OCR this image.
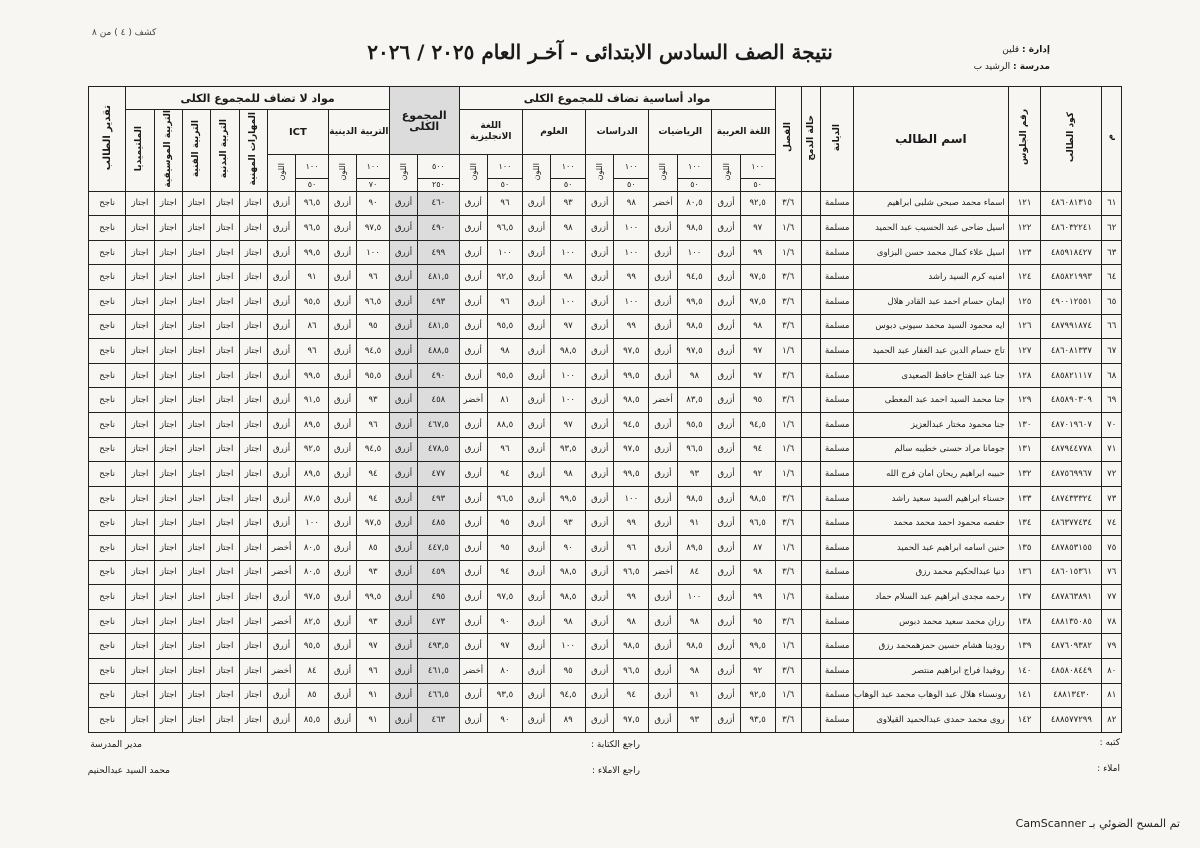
كشف ( ٤ ) من ٨
نتيجة الصف السادس الابتدائى - آخـر العام ٢٠٢٥ / ٢٠٢٦	إدارة : قلين
مدرسة : الرشيد ب
م	كود الطالب	رقم الجلوس	اسم الطالب	الديانة	حالة الدمج	الفصل	مواد أساسية تضاف للمجموع الكلى										المجموع الكلى		مواد لا تضاف للمجموع الكلى									تقدير الطالب
							اللغة العربية		الرياضيات		الدراسات		العلوم		اللغة الانجليزية				التربية الدينية		ICT		المهارات المهنية	التربية البدنية	التربية الفنية	التربية الموسيقية	الملتيميديا	
							١٠٠	اللون	١٠٠	اللون	١٠٠	اللون	١٠٠	اللون	١٠٠	اللون	٥٠٠	اللون	١٠٠	اللون	١٠٠	اللون						
							٥٠		٥٠		٥٠		٥٠		٥٠		٢٥٠		٧٠		٥٠							
٦١	٤٨٦٠٨١٣١٥	١٢١	اسماء محمد صبحى شلبى ابراهيم	مسلمة		٣/٦	٩٢,٥	أزرق	٨٠,٥	أخضر	٩٨	أزرق	٩٣	أزرق	٩٦	أزرق	٤٦٠	أزرق	٩٠	أزرق	٩٦,٥	أزرق	اجتاز	اجتاز	اجتاز	اجتاز	اجتاز	ناجح
٦٢	٤٨٦٠٣٢٢٤١	١٢٢	اسيل ضاحى عبد الحسيب عبد الحميد	مسلمة		١/٦	٩٧	أزرق	٩٨,٥	أزرق	١٠٠	أزرق	٩٨	أزرق	٩٦,٥	أزرق	٤٩٠	أزرق	٩٧,٥	أزرق	٩٦,٥	أزرق	اجتاز	اجتاز	اجتاز	اجتاز	اجتاز	ناجح
٦٣	٤٨٥٩١٨٤٢٧	١٢٣	اسيل علاء كمال محمد حسن البزاوى	مسلمة		١/٦	٩٩	أزرق	١٠٠	أزرق	١٠٠	أزرق	١٠٠	أزرق	١٠٠	أزرق	٤٩٩	أزرق	١٠٠	أزرق	٩٩,٥	أزرق	اجتاز	اجتاز	اجتاز	اجتاز	اجتاز	ناجح
٦٤	٤٨٥٨٢١٩٩٣	١٢٤	امنيه كرم السيد راشد	مسلمة		٣/٦	٩٧,٥	أزرق	٩٤,٥	أزرق	٩٩	أزرق	٩٨	أزرق	٩٢,٥	أزرق	٤٨١,٥	أزرق	٩٦	أزرق	٩١	أزرق	اجتاز	اجتاز	اجتاز	اجتاز	اجتاز	ناجح
٦٥	٤٩٠٠١٢٥٥١	١٢٥	ايمان حسام احمد عبد القادر هلال	مسلمة		٣/٦	٩٧,٥	أزرق	٩٩,٥	أزرق	١٠٠	أزرق	١٠٠	أزرق	٩٦	أزرق	٤٩٣	أزرق	٩٦,٥	أزرق	٩٥,٥	أزرق	اجتاز	اجتاز	اجتاز	اجتاز	اجتاز	ناجح
٦٦	٤٨٧٩٩١٨٧٤	١٢٦	ايه محمود السيد محمد سيونى دبوس	مسلمة		٣/٦	٩٨	أزرق	٩٨,٥	أزرق	٩٩	أزرق	٩٧	أزرق	٩٥,٥	أزرق	٤٨١,٥	أزرق	٩٥	أزرق	٨٦	أزرق	اجتاز	اجتاز	اجتاز	اجتاز	اجتاز	ناجح
٦٧	٤٨٦٠٨١٣٣٧	١٢٧	تاج حسام الدين عبد الغفار عبد الحميد	مسلمة		١/٦	٩٧	أزرق	٩٧,٥	أزرق	٩٧,٥	أزرق	٩٨,٥	أزرق	٩٨	أزرق	٤٨٨,٥	أزرق	٩٤,٥	أزرق	٩٦	أزرق	اجتاز	اجتاز	اجتاز	اجتاز	اجتاز	ناجح
٦٨	٤٨٥٨٢١١١٧	١٢٨	جنا عبد الفتاح حافظ الصعيدى	مسلمة		٣/٦	٩٧	أزرق	٩٨	أزرق	٩٩,٥	أزرق	١٠٠	أزرق	٩٥,٥	أزرق	٤٩٠	أزرق	٩٥,٥	أزرق	٩٩,٥	أزرق	اجتاز	اجتاز	اجتاز	اجتاز	اجتاز	ناجح
٦٩	٤٨٥٨٩٠٣٠٩	١٢٩	جنا محمد السيد احمد عبد المعطى	مسلمة		٣/٦	٩٥	أزرق	٨٣,٥	أخضر	٩٨,٥	أزرق	١٠٠	أزرق	٨١	أخضر	٤٥٨	أزرق	٩٣	أزرق	٩١,٥	أزرق	اجتاز	اجتاز	اجتاز	اجتاز	اجتاز	ناجح
٧٠	٤٨٧٠١٩٦٠٧	١٣٠	جنا محمود مختار عبدالعزيز	مسلمة		١/٦	٩٤,٥	أزرق	٩٥,٥	أزرق	٩٤,٥	أزرق	٩٧	أزرق	٨٨,٥	أزرق	٤٦٧,٥	أزرق	٩٦	أزرق	٨٩,٥	أزرق	اجتاز	اجتاز	اجتاز	اجتاز	اجتاز	ناجح
٧١	٤٨٧٩٤٤٧٧٨	١٣١	جومانا مراد حسنى خطيبه سالم	مسلمة		١/٦	٩٤	أزرق	٩٦,٥	أزرق	٩٧,٥	أزرق	٩٣,٥	أزرق	٩٦	أزرق	٤٧٨,٥	أزرق	٩٤,٥	أزرق	٩٢,٥	أزرق	اجتاز	اجتاز	اجتاز	اجتاز	اجتاز	ناجح
٧٢	٤٨٧٥٦٩٩٦٧	١٣٢	حبيبه ابراهيم ريحان امان فرج الله	مسلمة		١/٦	٩٢	أزرق	٩٣	أزرق	٩٩,٥	أزرق	٩٨	أزرق	٩٤	أزرق	٤٧٧	أزرق	٩٤	أزرق	٨٩,٥	أزرق	اجتاز	اجتاز	اجتاز	اجتاز	اجتاز	ناجح
٧٣	٤٨٧٤٣٣٣٢٤	١٣٣	حسناء ابراهيم السيد سعيد راشد	مسلمة		٣/٦	٩٨,٥	أزرق	٩٨,٥	أزرق	١٠٠	أزرق	٩٩,٥	أزرق	٩٦,٥	أزرق	٤٩٣	أزرق	٩٤	أزرق	٨٧,٥	أزرق	اجتاز	اجتاز	اجتاز	اجتاز	اجتاز	ناجح
٧٤	٤٨٦٣٧٧٤٣٤	١٣٤	حفصه محمود احمد محمد محمد	مسلمة		٣/٦	٩٦,٥	أزرق	٩١	أزرق	٩٩	أزرق	٩٣	أزرق	٩٥	أزرق	٤٨٥	أزرق	٩٧,٥	أزرق	١٠٠	أزرق	اجتاز	اجتاز	اجتاز	اجتاز	اجتاز	ناجح
٧٥	٤٨٧٨٥٣١٥٥	١٣٥	حنين اسامه ابراهيم عبد الحميد	مسلمة		١/٦	٨٧	أزرق	٨٩,٥	أزرق	٩٦	أزرق	٩٠	أزرق	٩٥	أزرق	٤٤٧,٥	أزرق	٨٥	أزرق	٨٠,٥	أخضر	اجتاز	اجتاز	اجتاز	اجتاز	اجتاز	ناجح
٧٦	٤٨٦٠١٥٣٦١	١٣٦	دنيا عبدالحكيم محمد رزق	مسلمة		٣/٦	٩٨	أزرق	٨٤	أخضر	٩٦,٥	أزرق	٩٨,٥	أزرق	٩٤	أزرق	٤٥٩	أزرق	٩٣	أزرق	٨٠,٥	أخضر	اجتاز	اجتاز	اجتاز	اجتاز	اجتاز	ناجح
٧٧	٤٨٧٨٦٣٨٩١	١٣٧	رحمه مجدى ابراهيم عبد السلام حماد	مسلمة		١/٦	٩٩	أزرق	١٠٠	أزرق	٩٩	أزرق	٩٨,٥	أزرق	٩٧,٥	أزرق	٤٩٥	أزرق	٩٩,٥	أزرق	٩٧,٥	أزرق	اجتاز	اجتاز	اجتاز	اجتاز	اجتاز	ناجح
٧٨	٤٨٨١٣٥٠٨٥	١٣٨	رزان محمد سعيد محمد دبوس	مسلمة		٣/٦	٩٥	أزرق	٩٨	أزرق	٩٨	أزرق	٩٨	أزرق	٩٠	أزرق	٤٧٣	أزرق	٩٣	أزرق	٨٢,٥	أخضر	اجتاز	اجتاز	اجتاز	اجتاز	اجتاز	ناجح
٧٩	٤٨٧٦٠٩٣٨٢	١٣٩	رودينا هشام حسين حمزهمحمد رزق	مسلمة		١/٦	٩٩,٥	أزرق	٩٨,٥	أزرق	٩٨,٥	أزرق	١٠٠	أزرق	٩٧	أزرق	٤٩٣,٥	أزرق	٩٧	أزرق	٩٥,٥	أزرق	اجتاز	اجتاز	اجتاز	اجتاز	اجتاز	ناجح
٨٠	٤٨٥٨٠٨٤٤٩	١٤٠	روفيدا فراج ابراهيم منتصر	مسلمة		٣/٦	٩٢	أزرق	٩٨	أزرق	٩٦,٥	أزرق	٩٥	أزرق	٨٠	أخضر	٤٦١,٥	أزرق	٩٦	أزرق	٨٤	أخضر	اجتاز	اجتاز	اجتاز	اجتاز	اجتاز	ناجح
٨١	٤٨٨١٣٤٣٠	١٤١	رونسناء هلال عبد الوهاب محمد عبد الوهاب	مسلمة		١/٦	٩٢,٥	أزرق	٩١	أزرق	٩٤	أزرق	٩٤,٥	أزرق	٩٣,٥	أزرق	٤٦٦,٥	أزرق	٩١	أزرق	٨٥	أزرق	اجتاز	اجتاز	اجتاز	اجتاز	اجتاز	ناجح
٨٢	٤٨٨٥٧٧٢٩٩	١٤٢	روى محمد حمدى عبدالحميد القيلاوى	مسلمة		٣/٦	٩٣,٥	أزرق	٩٣	أزرق	٩٧,٥	أزرق	٨٩	أزرق	٩٠	أزرق	٤٦٣	أزرق	٩١	أزرق	٨٥,٥	أزرق	اجتاز	اجتاز	اجتاز	اجتاز	اجتاز	ناجح
كتبه :
املاء :
راجع الكتابة :
راجع الاملاء :
مدير المدرسة
محمد السيد عبدالحنيم
تم المسح الضوئي بـ CamScanner
